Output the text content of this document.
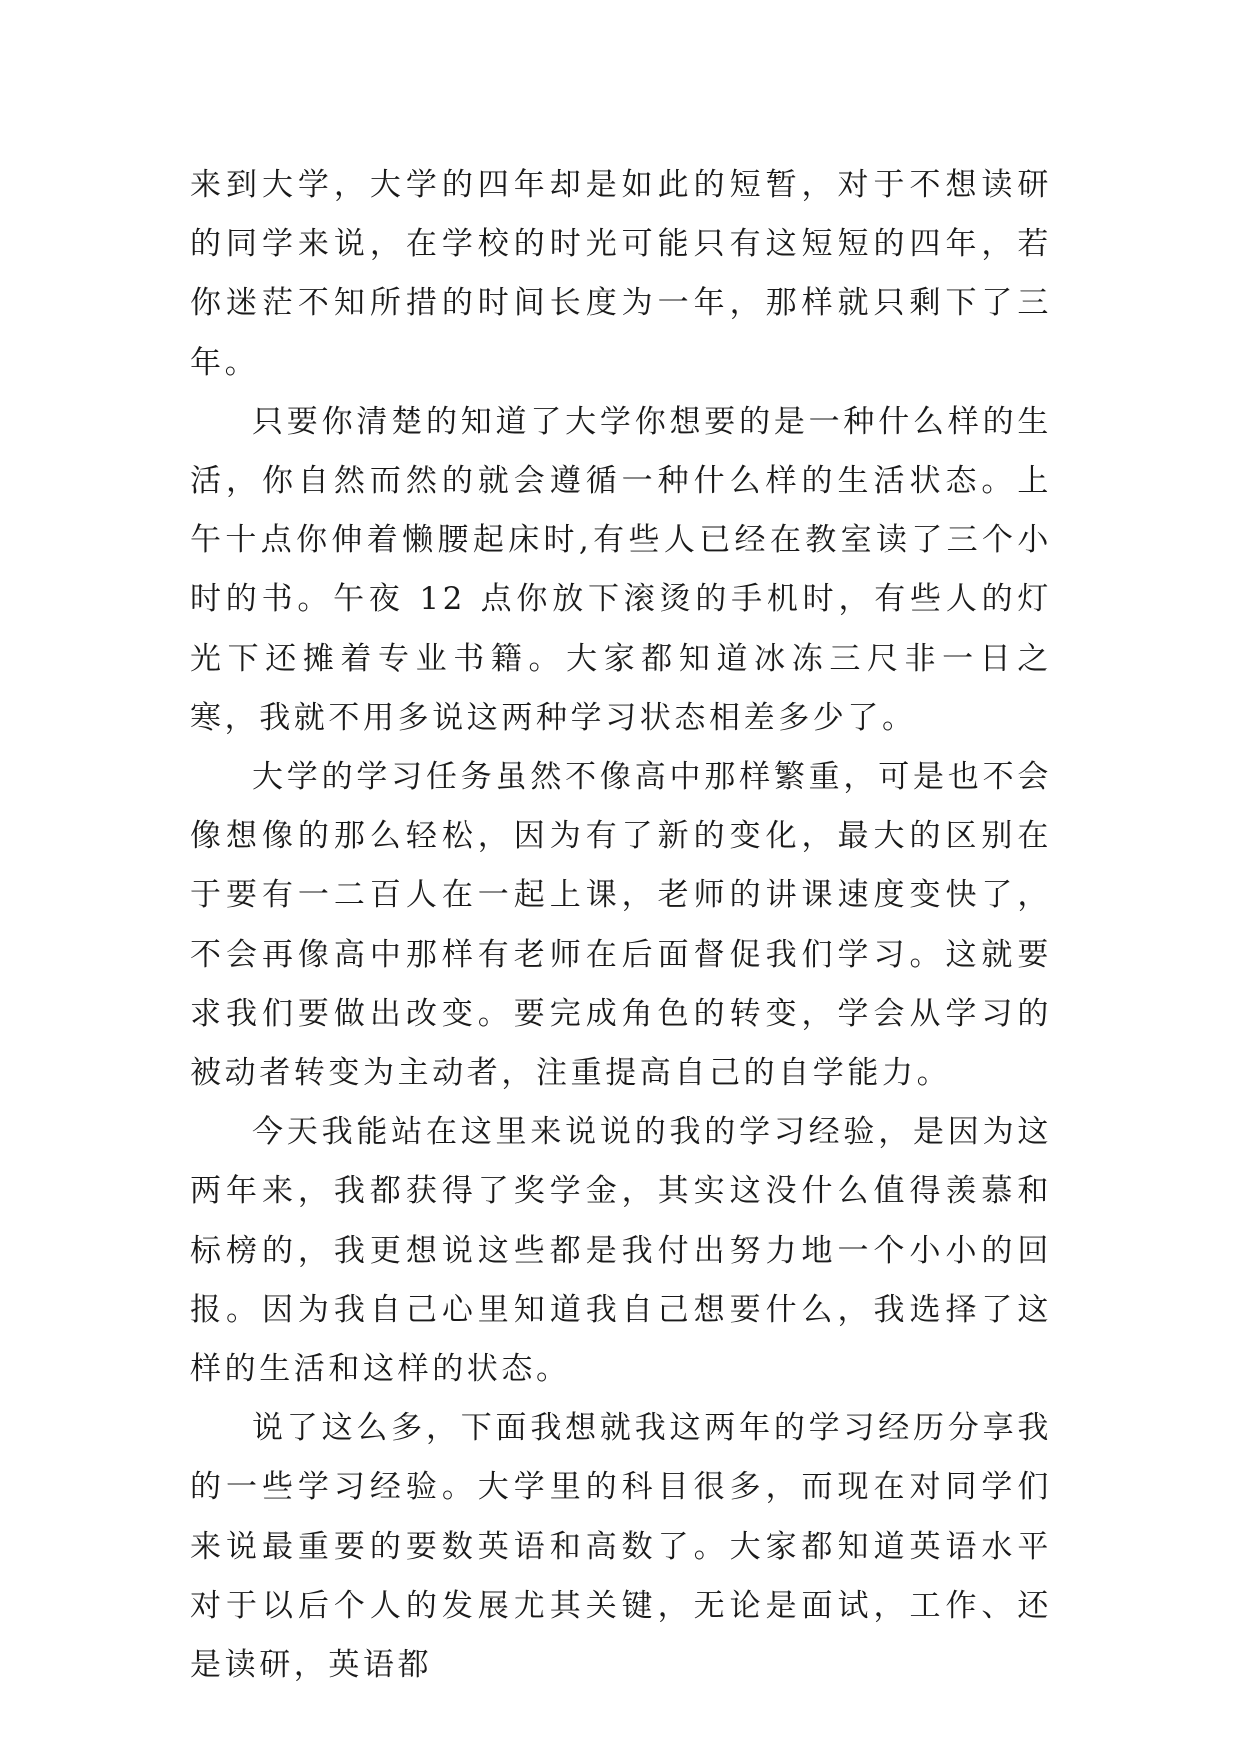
来到大学，大学的四年却是如此的短暂，对于不想读研的同学来说，在学校的时光可能只有这短短的四年，若你迷茫不知所措的时间长度为一年，那样就只剩下了三年。

只要你清楚的知道了大学你想要的是一种什么样的生活，你自然而然的就会遵循一种什么样的生活状态。上午十点你伸着懒腰起床时,有些人已经在教室读了三个小时的书。午夜 12 点你放下滚烫的手机时，有些人的灯光下还摊着专业书籍。大家都知道冰冻三尺非一日之寒，我就不用多说这两种学习状态相差多少了。

大学的学习任务虽然不像高中那样繁重，可是也不会像想像的那么轻松，因为有了新的变化，最大的区别在于要有一二百人在一起上课，老师的讲课速度变快了，不会再像高中那样有老师在后面督促我们学习。这就要求我们要做出改变。要完成角色的转变，学会从学习的被动者转变为主动者，注重提高自己的自学能力。

今天我能站在这里来说说的我的学习经验，是因为这两年来，我都获得了奖学金，其实这没什么值得羡慕和标榜的，我更想说这些都是我付出努力地一个小小的回报。因为我自己心里知道我自己想要什么，我选择了这样的生活和这样的状态。

说了这么多，下面我想就我这两年的学习经历分享我的一些学习经验。大学里的科目很多，而现在对同学们来说最重要的要数英语和高数了。大家都知道英语水平对于以后个人的发展尤其关键，无论是面试，工作、还是读研，英语都
